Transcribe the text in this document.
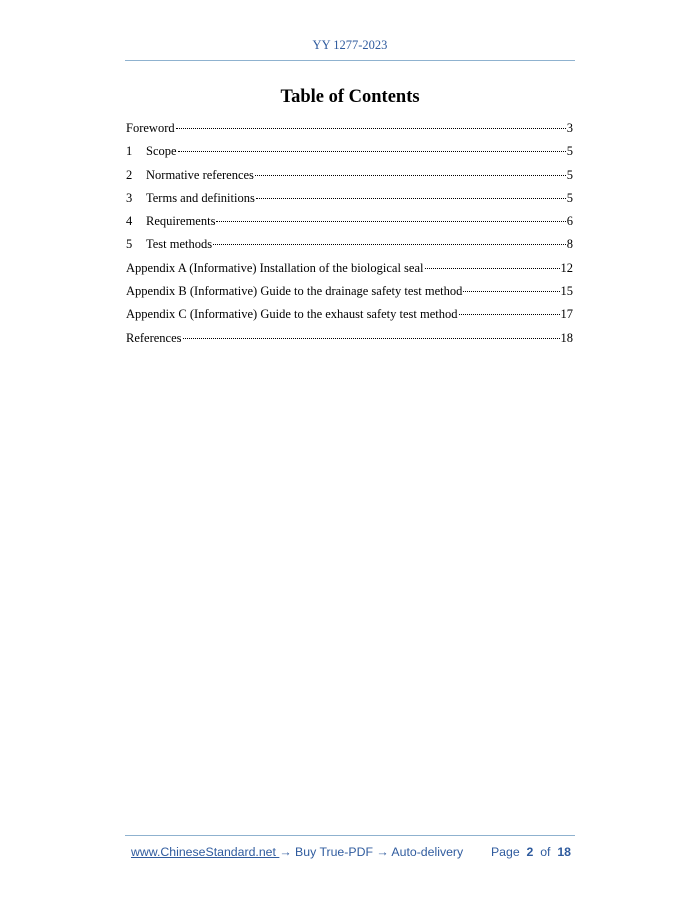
YY 1277-2023
Table of Contents
Foreword	3
1	Scope	5
2	Normative references	5
3	Terms and definitions	5
4	Requirements	6
5	Test methods	8
Appendix A (Informative) Installation of the biological seal	12
Appendix B (Informative) Guide to the drainage safety test method	15
Appendix C (Informative) Guide to the exhaust safety test method	17
References	18
www.ChineseStandard.net → Buy True-PDF → Auto-delivery Page 2 of 18
